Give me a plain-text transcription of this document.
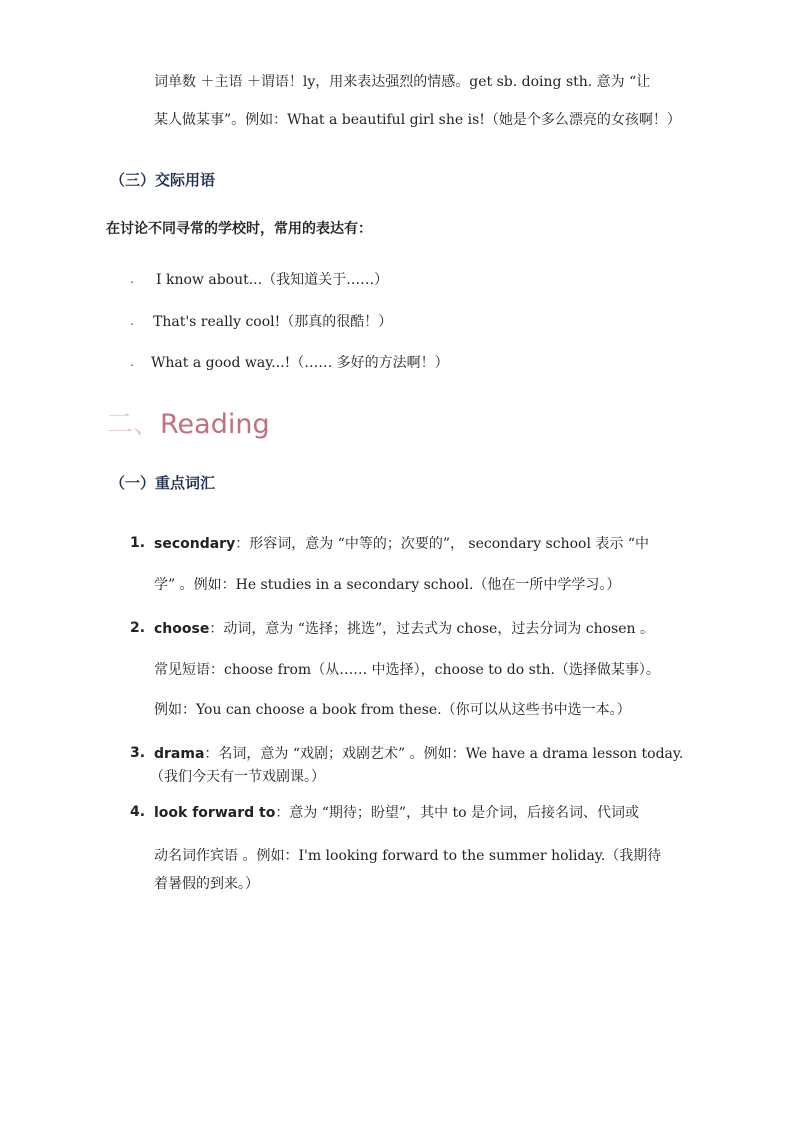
词单数 ＋主语 ＋谓语！ly，用来表达强烈的情感。get sb. doing sth. 意为 “让
某人做某事”。例如：What a beautiful girl she is!（她是个多么漂亮的女孩啊！）
（三）交际用语
在讨论不同寻常的学校时，常用的表达有：
. I know about...（我知道关于……）
. That's really cool!（那真的很酷！）
. What a good way...!（…… 多好的方法啊！）
二、Reading
（一）重点词汇
1. secondary：形容词，意为 “中等的；次要的”， secondary school 表示 “中
学” 。例如：He studies in a secondary school.（他在一所中学学习。）
2. choose：动词，意为 “选择；挑选”，过去式为 chose，过去分词为 chosen 。
常见短语：choose from（从…… 中选择），choose to do sth.（选择做某事）。
例如：You can choose a book from these.（你可以从这些书中选一本。）
3. drama：名词，意为 “戏剧；戏剧艺术” 。例如：We have a drama lesson today.
（我们今天有一节戏剧课。）
4. look forward to：意为 “期待；盼望”，其中 to 是介词，后接名词、代词或
动名词作宾语 。例如：I'm looking forward to the summer holiday.（我期待
着暑假的到来。）
